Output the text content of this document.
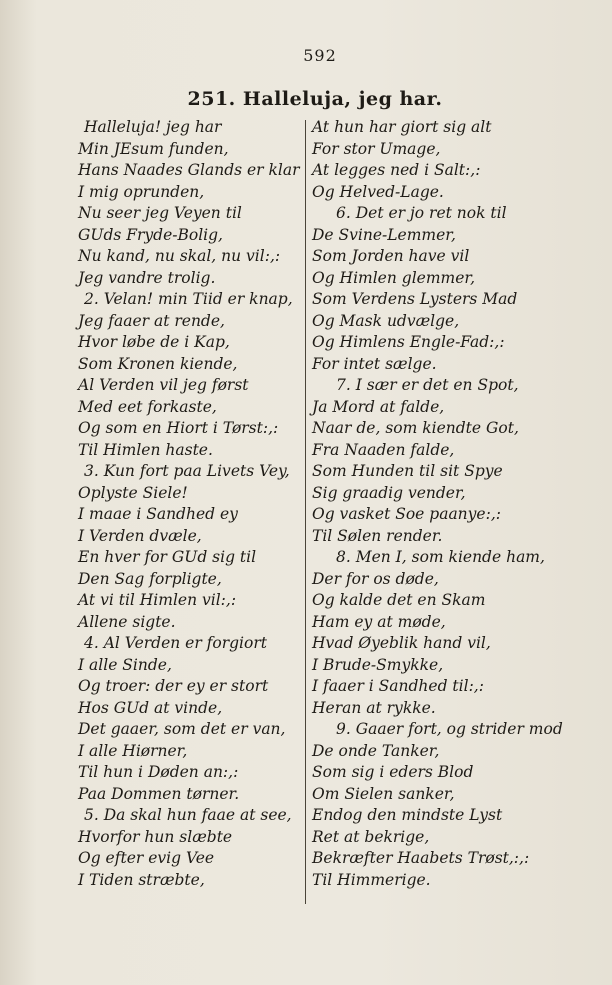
592
251. Halleluja, jeg har.
Halleluja! jeg har
Min JEsum funden,
Hans Naades Glands er klar
I mig oprunden,
Nu seer jeg Veyen til
GUds Fryde-Bolig,
Nu kand, nu skal, nu vil:,:
Jeg vandre trolig.
2. Velan! min Tiid er knap,
Jeg faaer at rende,
Hvor løbe de i Kap,
Som Kronen kiende,
Al Verden vil jeg først
Med eet forkaste,
Og som en Hiort i Tørst:,:
Til Himlen haste.
3. Kun fort paa Livets Vey,
Oplyste Siele!
I maae i Sandhed ey
I Verden dvæle,
En hver for GUd sig til
Den Sag forpligte,
At vi til Himlen vil:,:
Allene sigte.
4. Al Verden er forgiort
I alle Sinde,
Og troer: der ey er stort
Hos GUd at vinde,
Det gaaer, som det er van,
I alle Hiørner,
Til hun i Døden an:,:
Paa Dommen tørner.
5. Da skal hun faae at see,
Hvorfor hun slæbte
Og efter evig Vee
I Tiden stræbte,
At hun har giort sig alt
For stor Umage,
At legges ned i Salt:,:
Og Helved-Lage.
6. Det er jo ret nok til
De Svine-Lemmer,
Som Jorden have vil
Og Himlen glemmer,
Som Verdens Lysters Mad
Og Mask udvælge,
Og Himlens Engle-Fad:,:
For intet sælge.
7. I sær er det en Spot,
Ja Mord at falde,
Naar de, som kiendte Got,
Fra Naaden falde,
Som Hunden til sit Spye
Sig graadig vender,
Og vasket Soe paanye:,:
Til Sølen render.
8. Men I, som kiende ham,
Der for os døde,
Og kalde det en Skam
Ham ey at møde,
Hvad Øyeblik hand vil,
I Brude-Smykke,
I faaer i Sandhed til:,:
Heran at rykke.
9. Gaaer fort, og strider mod
De onde Tanker,
Som sig i eders Blod
Om Sielen sanker,
Endog den mindste Lyst
Ret at bekrige,
Bekræfter Haabets Trøst,:,:
Til Himmerige.
